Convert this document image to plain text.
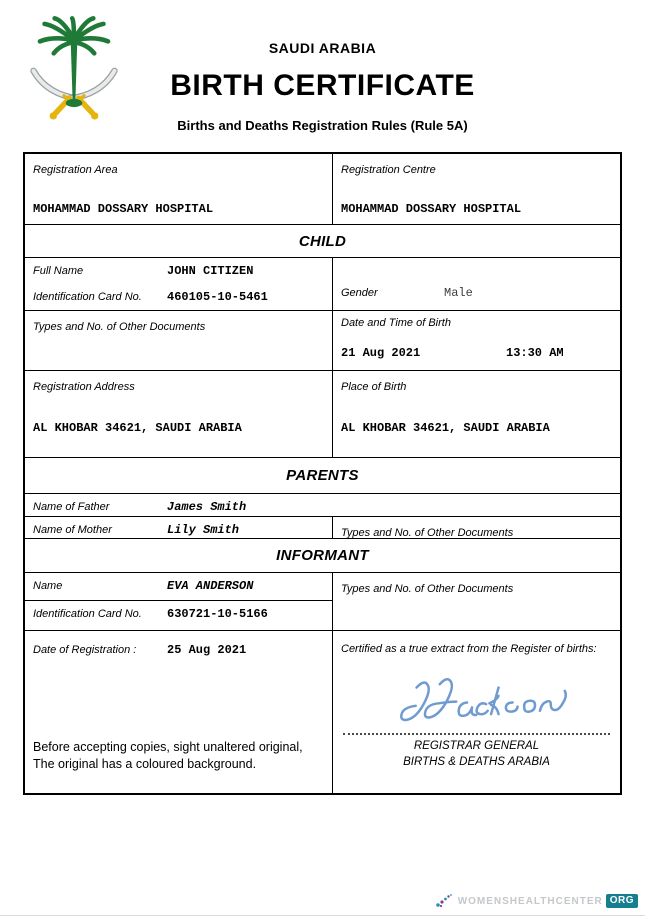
SAUDI ARABIA
BIRTH CERTIFICATE
Births and Deaths Registration Rules (Rule 5A)
Registration Area
MOHAMMAD DOSSARY HOSPITAL
Registration Centre
MOHAMMAD DOSSARY HOSPITAL
CHILD
Full Name	JOHN CITIZEN
Identification Card No.	460105-10-5461	Gender	Male
Types and No. of Other Documents	Date and Time of Birth
21 Aug 2021	13:30 AM
Registration Address
AL KHOBAR 34621, SAUDI ARABIA
Place of Birth
AL KHOBAR 34621, SAUDI ARABIA
PARENTS
Name of Father	James Smith
Name of Mother	Lily Smith	Types and No. of Other Documents
INFORMANT
Name	EVA ANDERSON	Types and No. of Other Documents
Identification Card No.	630721-10-5166
Date of Registration :	25 Aug 2021
Before accepting copies, sight unaltered original,
The original has a coloured background.
Certified as a true extract from the Register of births:
REGISTRAR GENERAL
BIRTHS & DEATHS ARABIA
WOMENSHEALTHCENTER ORG
